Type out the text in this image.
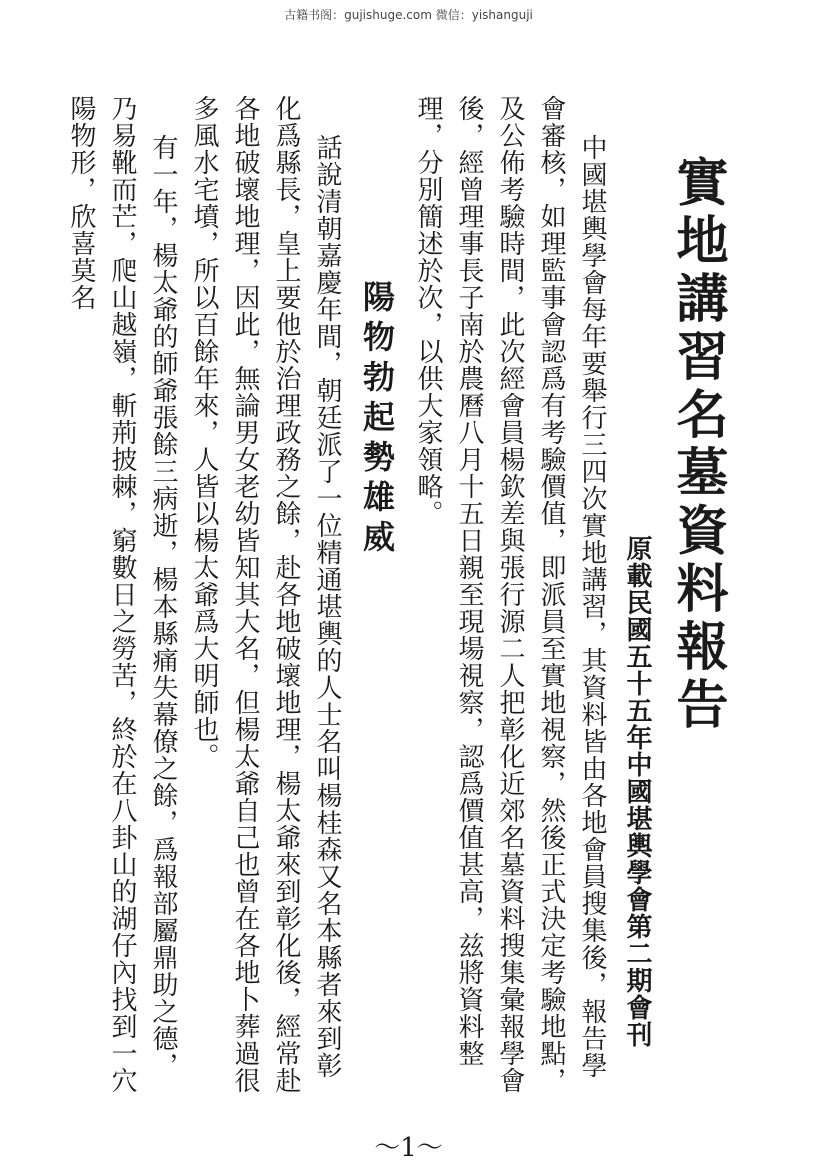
古籍书阁：gujishuge.com 微信：yishanguji
實地講習名墓資料報告
原載民國五十五年中國堪輿學會第二期會刊

中國堪輿學會每年要舉行三四次實地講習，其資料皆由各地會員搜集後，報告學會審核，如理監事會認爲有考驗價值，即派員至實地視察，然後正式決定考驗地點，及公佈考驗時間，此次經會員楊欽差與張行源二人把彰化近郊名墓資料搜集彙報學會後，經曾理事長子南於農曆八月十五日親至現場視察，認爲價值甚高，兹將資料整理，分別簡述於次，以供大家領略。

陽物勃起勢雄威

話說清朝嘉慶年間，朝廷派了一位精通堪輿的人士名叫楊桂森又名本縣者來到彰化爲縣長，皇上要他於治理政務之餘，赴各地破壞地理，楊太爺來到彰化後，經常赴各地破壞地理，因此，無論男女老幼皆知其大名，但楊太爺自己也曾在各地卜葬過很多風水宅墳，所以百餘年來，人皆以楊太爺爲大明師也。

有一年，楊太爺的師爺張餘三病逝，楊本縣痛失幕僚之餘，爲報部屬鼎助之德，乃易靴而芒，爬山越嶺，斬荊披棘，窮數日之勞苦，終於在八卦山的湖仔內找到一穴陽物形，欣喜莫名

～1～
